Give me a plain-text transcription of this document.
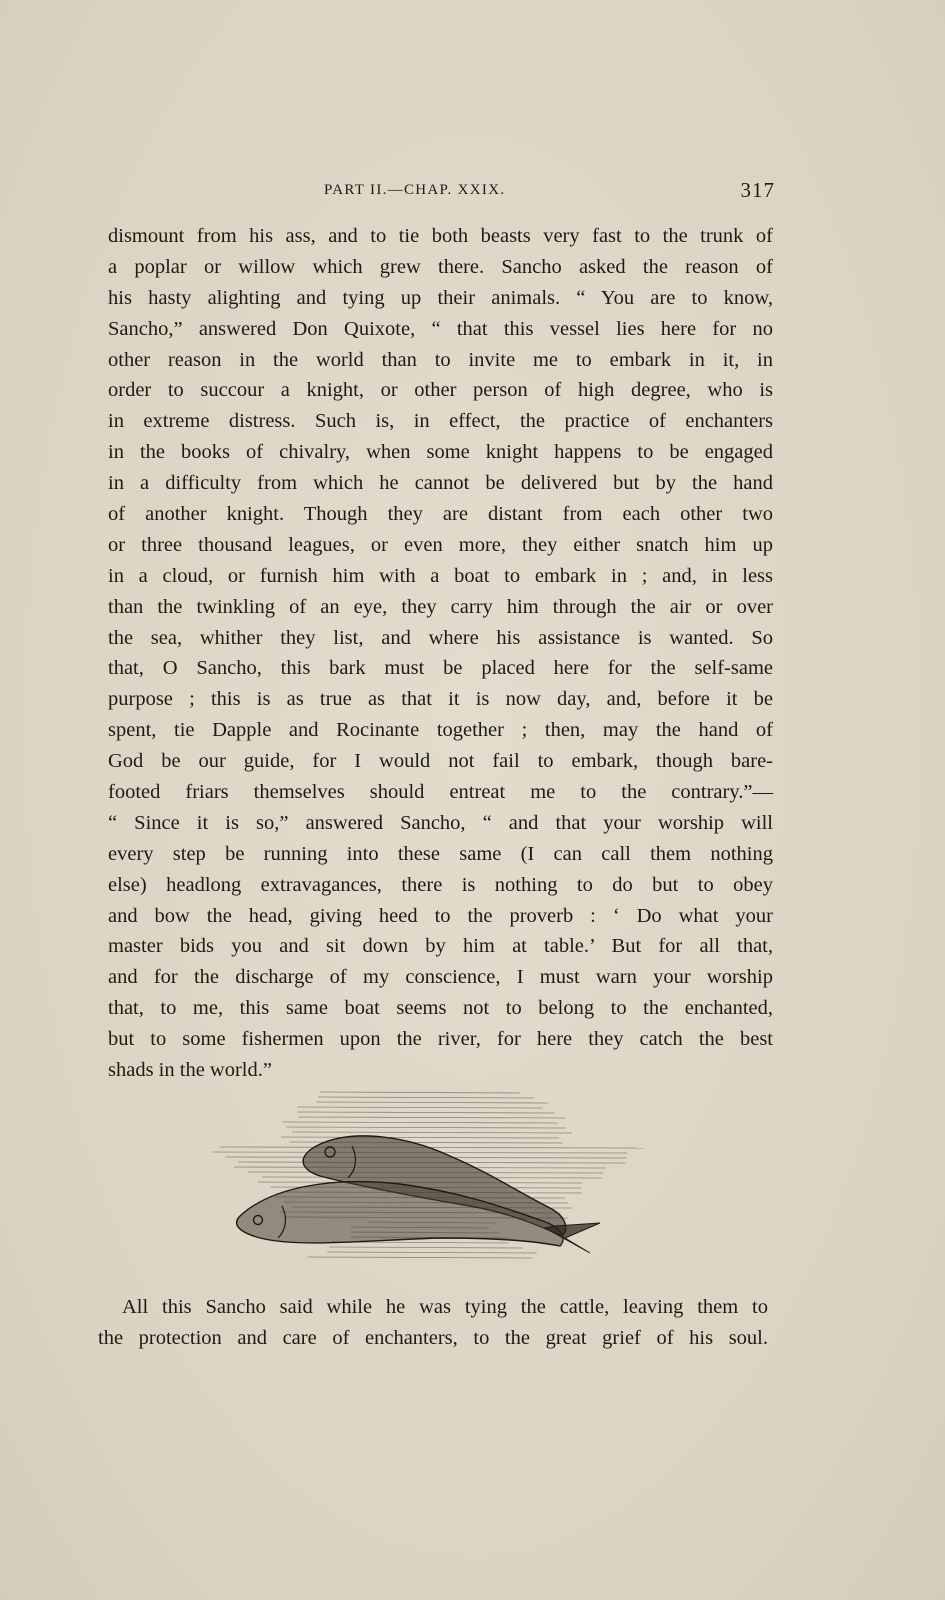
PART II.—CHAP. XXIX.	317
dismount from his ass, and to tie both beasts very fast to the trunk of
a poplar or willow which grew there. Sancho asked the reason of
his hasty alighting and tying up their animals. “ You are to know,
Sancho,” answered Don Quixote, “ that this vessel lies here for no
other reason in the world than to invite me to embark in it, in
order to succour a knight, or other person of high degree, who is
in extreme distress. Such is, in effect, the practice of enchanters
in the books of chivalry, when some knight happens to be engaged
in a difficulty from which he cannot be delivered but by the hand
of another knight. Though they are distant from each other two
or three thousand leagues, or even more, they either snatch him up
in a cloud, or furnish him with a boat to embark in ; and, in less
than the twinkling of an eye, they carry him through the air or over
the sea, whither they list, and where his assistance is wanted. So
that, O Sancho, this bark must be placed here for the self-same
purpose ; this is as true as that it is now day, and, before it be
spent, tie Dapple and Rocinante together ; then, may the hand of
God be our guide, for I would not fail to embark, though bare-
footed friars themselves should entreat me to the contrary.”—
“ Since it is so,” answered Sancho, “ and that your worship will
every step be running into these same (I can call them nothing
else) headlong extravagances, there is nothing to do but to obey
and bow the head, giving heed to the proverb : ‘ Do what your
master bids you and sit down by him at table.’ But for all that,
and for the discharge of my conscience, I must warn your worship
that, to me, this same boat seems not to belong to the enchanted,
but to some fishermen upon the river, for here they catch the best
shads in the world.”
All this Sancho said while he was tying the cattle, leaving them to
the protection and care of enchanters, to the great grief of his soul.
